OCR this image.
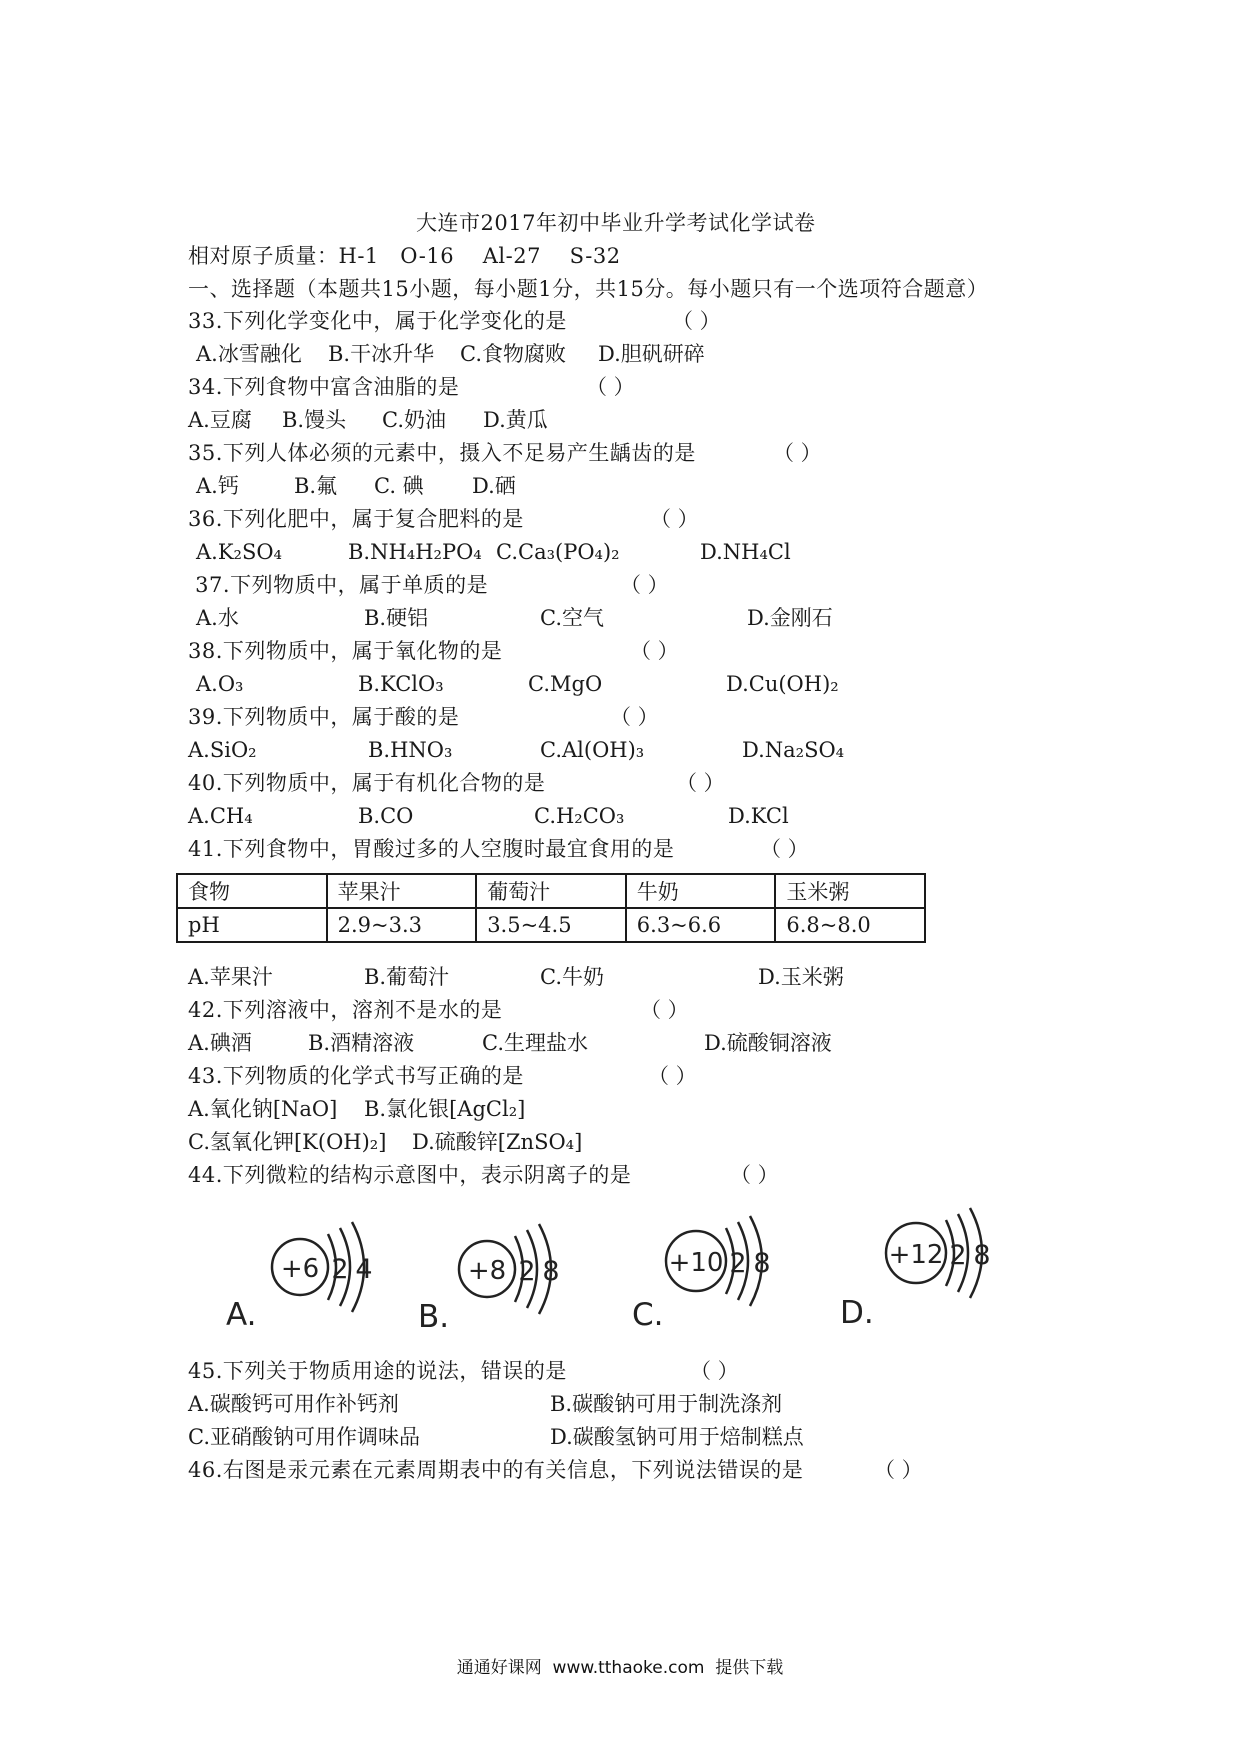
大连市2017年初中毕业升学考试化学试卷
相对原子质量：H-1　O-16　 Al-27　 S-32
一、选择题（本题共15小题，每小题1分，共15分。每小题只有一个选项符合题意）
33.下列化学变化中，属于化学变化的是	（ ）
A.冰雪融化 B.干冰升华 C.食物腐败 D.胆矾研碎
34.下列食物中富含油脂的是	（ ）
A.豆腐 B.馒头 C.奶油 D.黄瓜
35.下列人体必须的元素中，摄入不足易产生龋齿的是	（ ）
A.钙	B.氟 C. 碘 D.硒
36.下列化肥中，属于复合肥料的是	（ ）
A.K₂SO₄	B.NH₄H₂PO₄ C.Ca₃(PO₄)₂	D.NH₄Cl
37.下列物质中，属于单质的是	（ ）
A.水	B.硬铝	C.空气	D.金刚石
38.下列物质中，属于氧化物的是	（ ）
A.O₃	B.KClO₃	C.MgO	D.Cu(OH)₂
39.下列物质中，属于酸的是	（ ）
A.SiO₂	B.HNO₃	C.Al(OH)₃	D.Na₂SO₄
40.下列物质中，属于有机化合物的是	（ ）
A.CH₄	B.CO	C.H₂CO₃	D.KCl
41.下列食物中，胃酸过多的人空腹时最宜食用的是	（ ）
食物	苹果汁	葡萄汁	牛奶	玉米粥
pH	2.9~3.3	3.5~4.5	6.3~6.6	6.8~8.0
A.苹果汁	B.葡萄汁	C.牛奶	D.玉米粥
42.下列溶液中，溶剂不是水的是	（ ）
A.碘酒	B.酒精溶液	C.生理盐水	D.硫酸铜溶液
43.下列物质的化学式书写正确的是	（ ）
A.氧化钠[NaO] B.氯化银[AgCl₂]
C.氢氧化钾[K(OH)₂] D.硫酸锌[ZnSO₄]
44.下列微粒的结构示意图中，表示阴离子的是	（ ）
A.
+6 2 4
B.
+8 2 8
C.
+10 2 8
D.
+12 2 8
45.下列关于物质用途的说法，错误的是	（ ）
A.碳酸钙可用作补钙剂	B.碳酸钠可用于制洗涤剂
C.亚硝酸钠可用作调味品	D.碳酸氢钠可用于焙制糕点
46.右图是汞元素在元素周期表中的有关信息，下列说法错误的是	（ ）
通通好课网  www.tthaoke.com  提供下载
